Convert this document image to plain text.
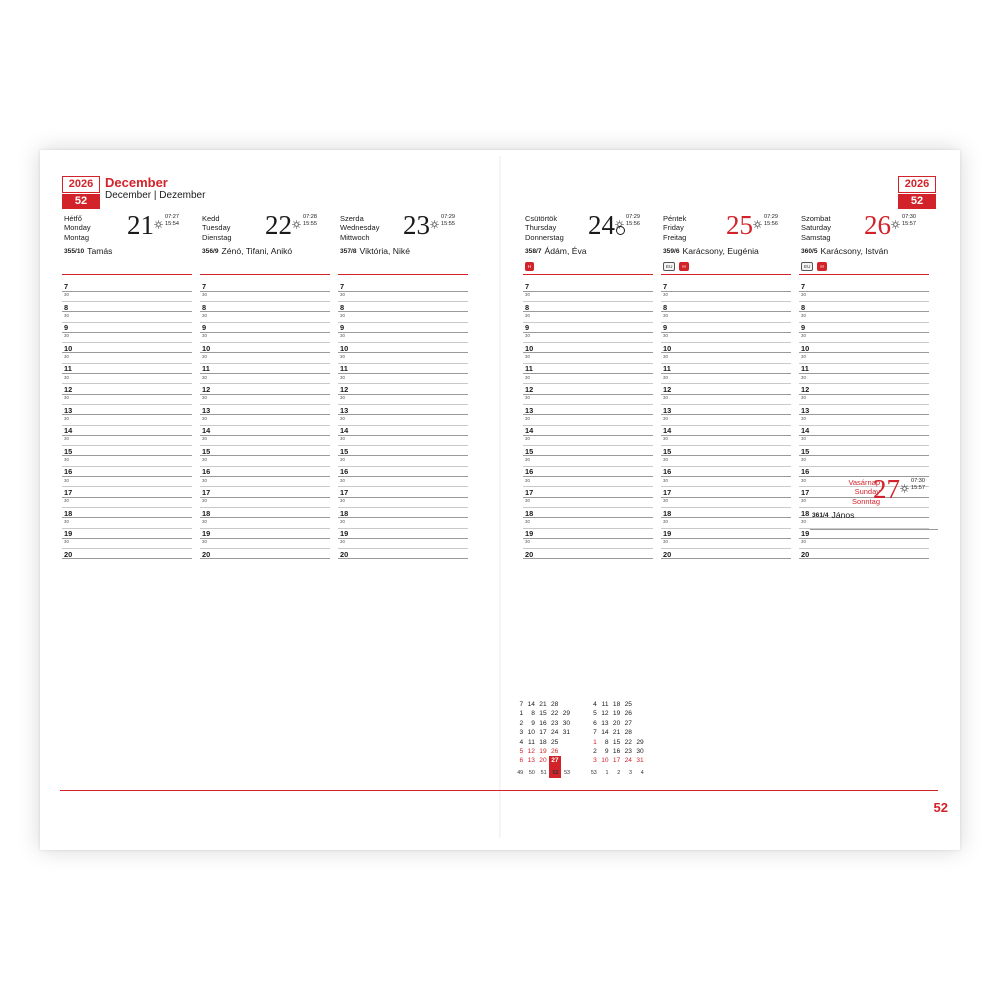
2026
52
2026
52
December
December | Dezember
Hétfő
Monday
Montag 21 07:27
15:54
355/10 Tamás
7
30
8
30
9
30
10
30
11
30
12
30
13
30
14
30
15
30
16
30
17
30
18
30
19
30
20
Kedd
Tuesday
Dienstag 22 07:28
15:55
356/9 Zénó, Tifani, Anikó
7
30
8
30
9
30
10
30
11
30
12
30
13
30
14
30
15
30
16
30
17
30
18
30
19
30
20
Szerda
Wednesday
Mittwoch	23 07:29
15:55
357/8 Viktória, Niké
7
30
8
30
9
30
10
30
11
30
12
30
13
30
14
30
15
30
16
30
17
30
18
30
19
30
20
Csütörtök
Thursday
Donnerstag 24 07:29
15:56
358/7 Ádám, Éva
H
7
30
8
30
9
30
10
30
11
30
12
30
13
30
14
30
15
30
16
30
17
30
18
30
19
30
20
Péntek
Friday
Freitag 25 07:29
15:56
359/6 Karácsony, Eugénia
EU	H
7
30
8
30
9
30
10
30
11
30
12
30
13
30
14
30
15
30
16
30
17
30
18
30
19
30
20
Szombat
Saturday
Samstag 26 07:30
15:57
360/5 Karácsony, István
EU	H
7
30
8
30
9
30
10
30
11
30
12
30
13
30
14
30
15
30
16
30
17
30
18
30
19
30
20
7	14	21	28			4	11	18	25	
1	8	15	22	29		5	12	19	26	
2	9	16	23	30		6	13	20	27	
3	10	17	24	31		7	14	21	28	
4	11	18	25			1	8	15	22	29
5	12	19	26			2	9	16	23	30
6	13	20	27			3	10	17	24	31
49	50	51	52	53		53	1	2	3	4
52
Vasárnap
Sunday
Sonntag
27 07:30
15:57
361/4 János
